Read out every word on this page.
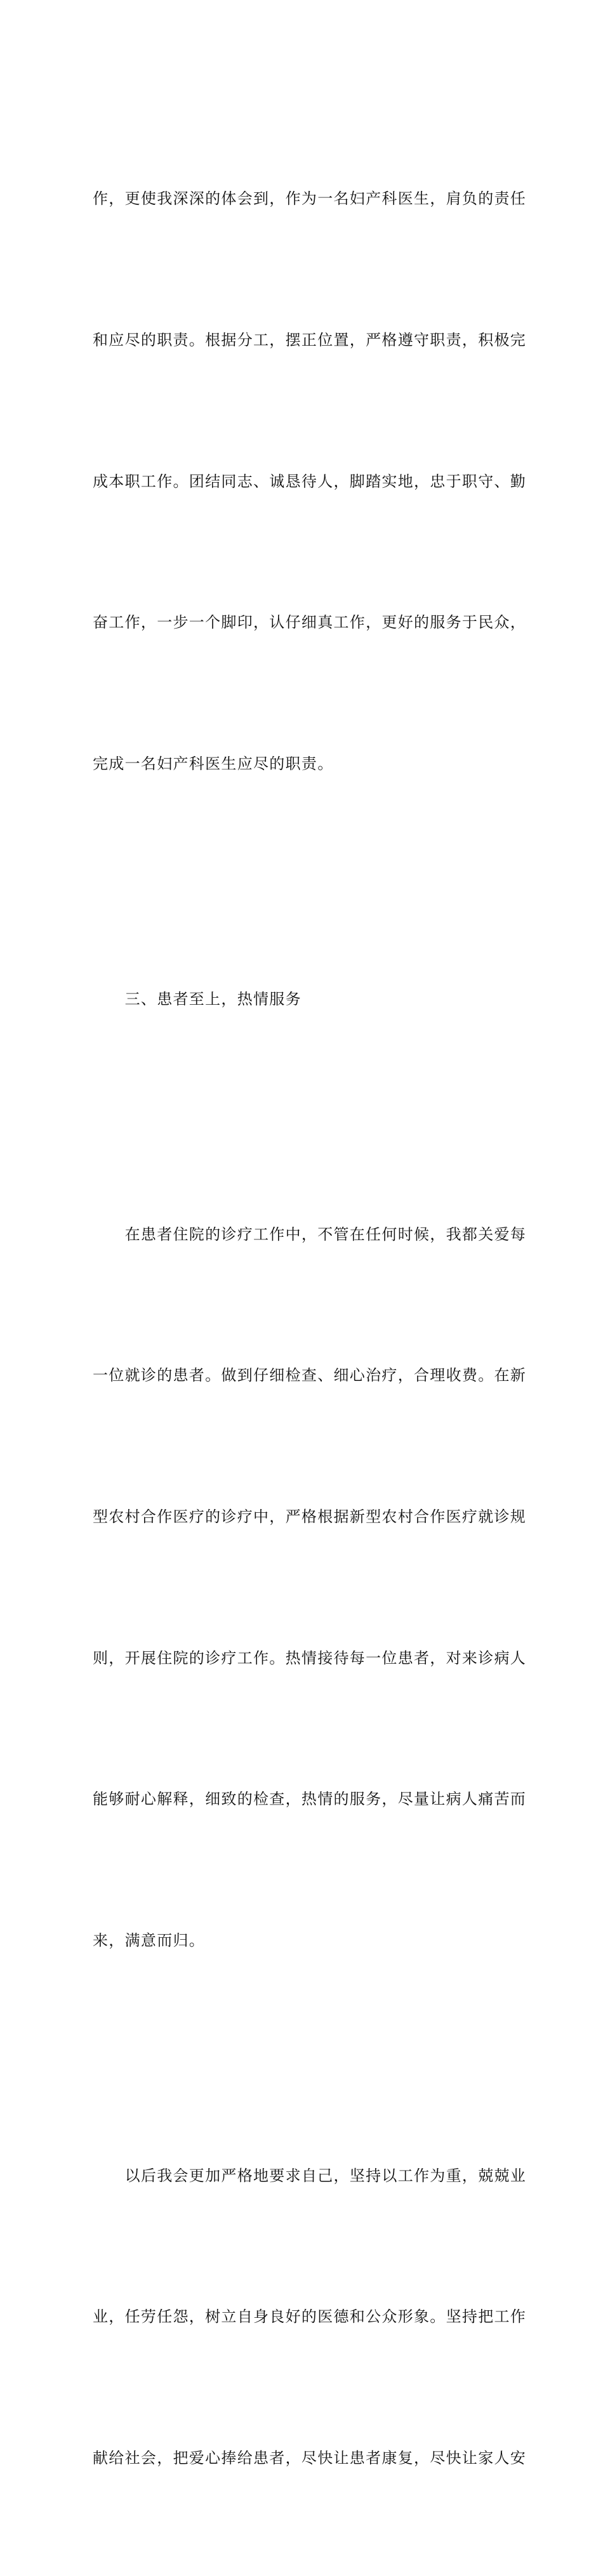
作，更使我深深的体会到，作为一名妇产科医生，肩负的责任

和应尽的职责。根据分工，摆正位置，严格遵守职责，积极完

成本职工作。团结同志、诚恳待人，脚踏实地，忠于职守、勤

奋工作，一步一个脚印，认仔细真工作，更好的服务于民众，

完成一名妇产科医生应尽的职责。

　　三、患者至上，热情服务

　　在患者住院的诊疗工作中，不管在任何时候，我都关爱每

一位就诊的患者。做到仔细检查、细心治疗，合理收费。在新

型农村合作医疗的诊疗中，严格根据新型农村合作医疗就诊规

则，开展住院的诊疗工作。热情接待每一位患者，对来诊病人

能够耐心解释，细致的检查，热情的服务，尽量让病人痛苦而

来，满意而归。

　　以后我会更加严格地要求自己，坚持以工作为重，兢兢业

业，任劳任怨，树立自身良好的医德和公众形象。坚持把工作

献给社会，把爱心捧给患者，尽快让患者康复，尽快让家人安
